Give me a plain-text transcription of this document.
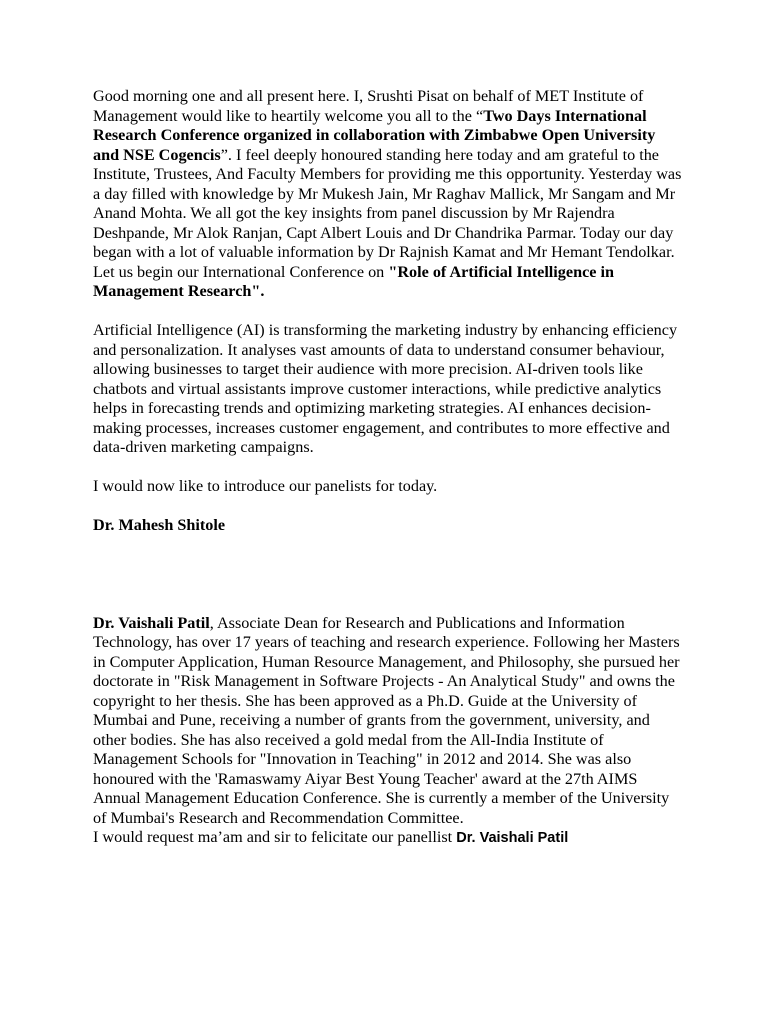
Good morning one and all present here. I, Srushti Pisat on behalf of MET Institute of Management would like to heartily welcome you all to the “Two Days International Research Conference organized in collaboration with Zimbabwe Open University and NSE Cogencis”. I feel deeply honoured standing here today and am grateful to the Institute, Trustees, And Faculty Members for providing me this opportunity. Yesterday was a day filled with knowledge by Mr Mukesh Jain, Mr Raghav Mallick, Mr Sangam and Mr Anand Mohta. We all got the key insights from panel discussion by Mr Rajendra Deshpande, Mr Alok Ranjan, Capt Albert Louis and Dr Chandrika Parmar. Today our day began with a lot of valuable information by Dr Rajnish Kamat and Mr Hemant Tendolkar. Let us begin our International Conference on "Role of Artificial Intelligence in Management Research".

Artificial Intelligence (AI) is transforming the marketing industry by enhancing efficiency and personalization. It analyses vast amounts of data to understand consumer behaviour, allowing businesses to target their audience with more precision. AI-driven tools like chatbots and virtual assistants improve customer interactions, while predictive analytics helps in forecasting trends and optimizing marketing strategies. AI enhances decision-making processes, increases customer engagement, and contributes to more effective and data-driven marketing campaigns.

I would now like to introduce our panelists for today.

Dr. Mahesh Shitole

Dr. Vaishali Patil, Associate Dean for Research and Publications and Information Technology, has over 17 years of teaching and research experience. Following her Masters in Computer Application, Human Resource Management, and Philosophy, she pursued her doctorate in "Risk Management in Software Projects - An Analytical Study" and owns the copyright to her thesis. She has been approved as a Ph.D. Guide at the University of Mumbai and Pune, receiving a number of grants from the government, university, and other bodies. She has also received a gold medal from the All-India Institute of Management Schools for "Innovation in Teaching" in 2012 and 2014. She was also honoured with the 'Ramaswamy Aiyar Best Young Teacher' award at the 27th AIMS Annual Management Education Conference. She is currently a member of the University of Mumbai's Research and Recommendation Committee.

I would request ma’am and sir to felicitate our panellist Dr. Vaishali Patil
